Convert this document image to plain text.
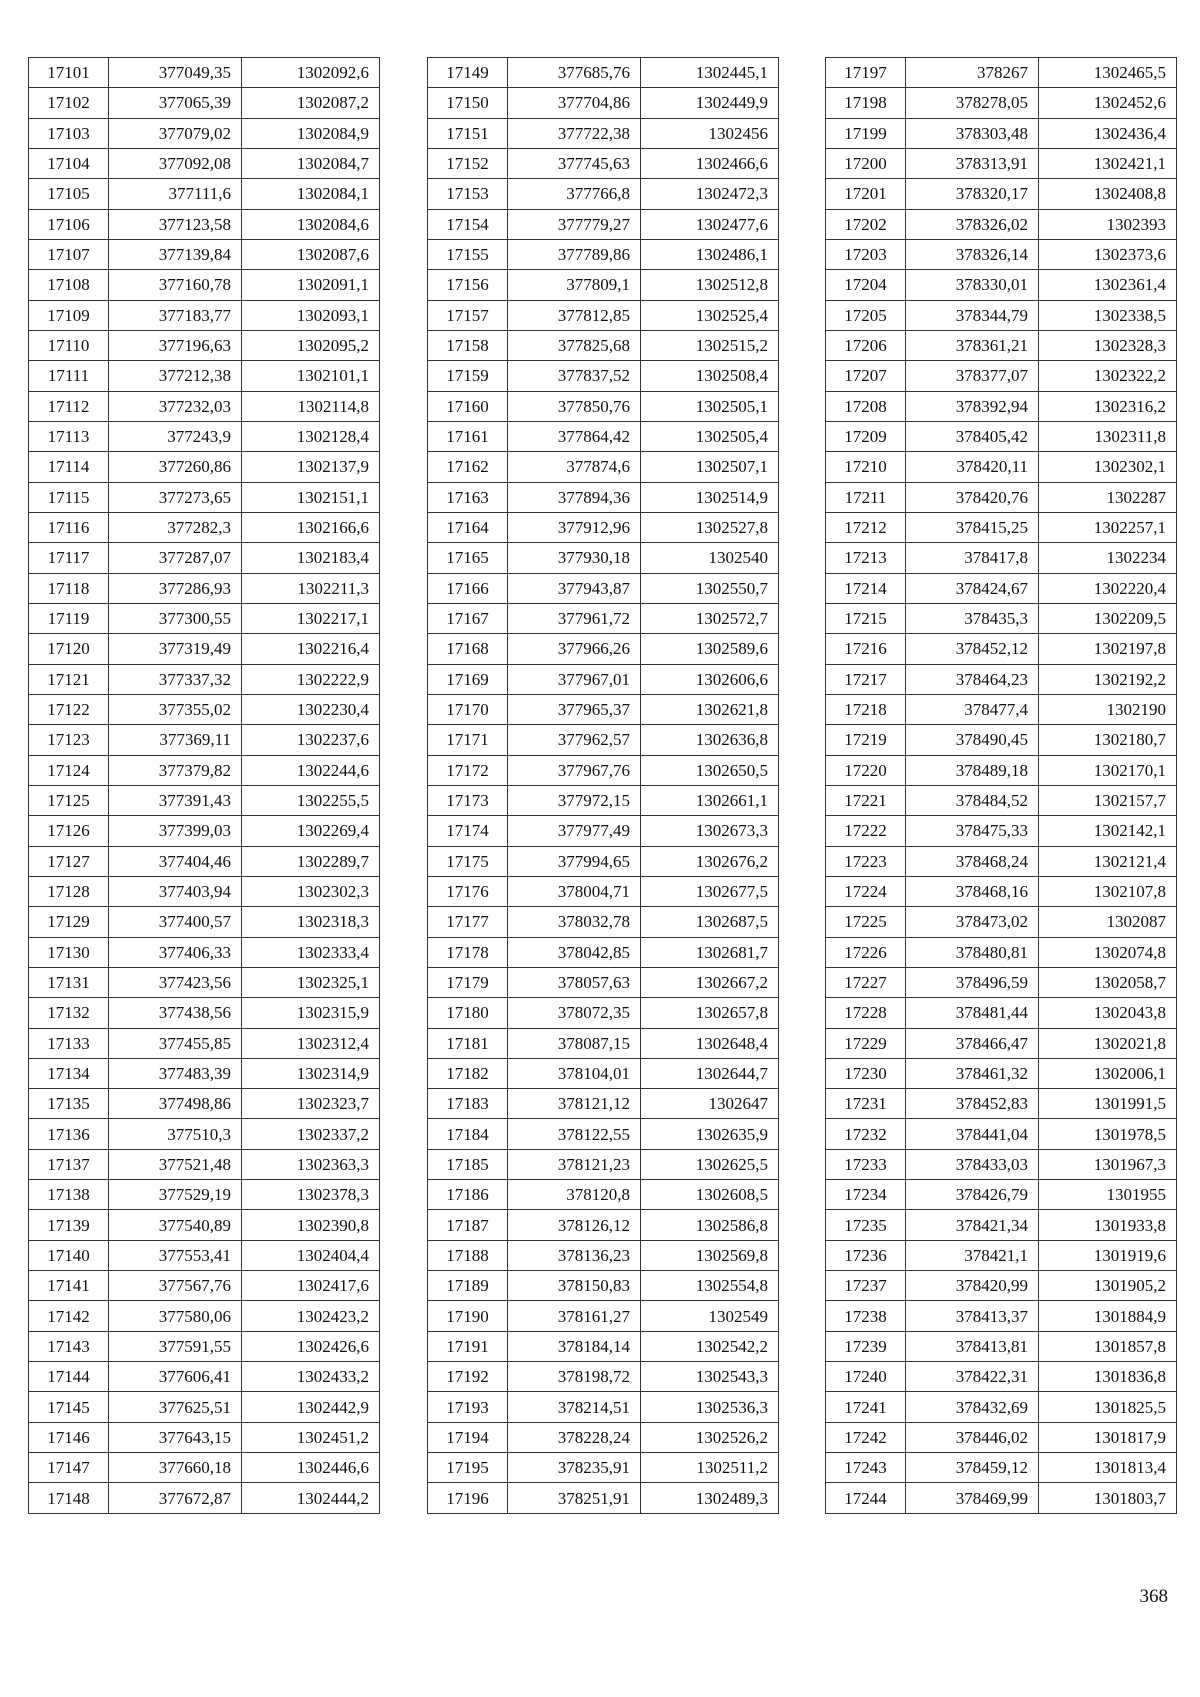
17101	377049,35	1302092,6
17102	377065,39	1302087,2
17103	377079,02	1302084,9
17104	377092,08	1302084,7
17105	377111,6	1302084,1
17106	377123,58	1302084,6
17107	377139,84	1302087,6
17108	377160,78	1302091,1
17109	377183,77	1302093,1
17110	377196,63	1302095,2
17111	377212,38	1302101,1
17112	377232,03	1302114,8
17113	377243,9	1302128,4
17114	377260,86	1302137,9
17115	377273,65	1302151,1
17116	377282,3	1302166,6
17117	377287,07	1302183,4
17118	377286,93	1302211,3
17119	377300,55	1302217,1
17120	377319,49	1302216,4
17121	377337,32	1302222,9
17122	377355,02	1302230,4
17123	377369,11	1302237,6
17124	377379,82	1302244,6
17125	377391,43	1302255,5
17126	377399,03	1302269,4
17127	377404,46	1302289,7
17128	377403,94	1302302,3
17129	377400,57	1302318,3
17130	377406,33	1302333,4
17131	377423,56	1302325,1
17132	377438,56	1302315,9
17133	377455,85	1302312,4
17134	377483,39	1302314,9
17135	377498,86	1302323,7
17136	377510,3	1302337,2
17137	377521,48	1302363,3
17138	377529,19	1302378,3
17139	377540,89	1302390,8
17140	377553,41	1302404,4
17141	377567,76	1302417,6
17142	377580,06	1302423,2
17143	377591,55	1302426,6
17144	377606,41	1302433,2
17145	377625,51	1302442,9
17146	377643,15	1302451,2
17147	377660,18	1302446,6
17148	377672,87	1302444,2
17149	377685,76	1302445,1
17150	377704,86	1302449,9
17151	377722,38	1302456
17152	377745,63	1302466,6
17153	377766,8	1302472,3
17154	377779,27	1302477,6
17155	377789,86	1302486,1
17156	377809,1	1302512,8
17157	377812,85	1302525,4
17158	377825,68	1302515,2
17159	377837,52	1302508,4
17160	377850,76	1302505,1
17161	377864,42	1302505,4
17162	377874,6	1302507,1
17163	377894,36	1302514,9
17164	377912,96	1302527,8
17165	377930,18	1302540
17166	377943,87	1302550,7
17167	377961,72	1302572,7
17168	377966,26	1302589,6
17169	377967,01	1302606,6
17170	377965,37	1302621,8
17171	377962,57	1302636,8
17172	377967,76	1302650,5
17173	377972,15	1302661,1
17174	377977,49	1302673,3
17175	377994,65	1302676,2
17176	378004,71	1302677,5
17177	378032,78	1302687,5
17178	378042,85	1302681,7
17179	378057,63	1302667,2
17180	378072,35	1302657,8
17181	378087,15	1302648,4
17182	378104,01	1302644,7
17183	378121,12	1302647
17184	378122,55	1302635,9
17185	378121,23	1302625,5
17186	378120,8	1302608,5
17187	378126,12	1302586,8
17188	378136,23	1302569,8
17189	378150,83	1302554,8
17190	378161,27	1302549
17191	378184,14	1302542,2
17192	378198,72	1302543,3
17193	378214,51	1302536,3
17194	378228,24	1302526,2
17195	378235,91	1302511,2
17196	378251,91	1302489,3
17197	378267	1302465,5
17198	378278,05	1302452,6
17199	378303,48	1302436,4
17200	378313,91	1302421,1
17201	378320,17	1302408,8
17202	378326,02	1302393
17203	378326,14	1302373,6
17204	378330,01	1302361,4
17205	378344,79	1302338,5
17206	378361,21	1302328,3
17207	378377,07	1302322,2
17208	378392,94	1302316,2
17209	378405,42	1302311,8
17210	378420,11	1302302,1
17211	378420,76	1302287
17212	378415,25	1302257,1
17213	378417,8	1302234
17214	378424,67	1302220,4
17215	378435,3	1302209,5
17216	378452,12	1302197,8
17217	378464,23	1302192,2
17218	378477,4	1302190
17219	378490,45	1302180,7
17220	378489,18	1302170,1
17221	378484,52	1302157,7
17222	378475,33	1302142,1
17223	378468,24	1302121,4
17224	378468,16	1302107,8
17225	378473,02	1302087
17226	378480,81	1302074,8
17227	378496,59	1302058,7
17228	378481,44	1302043,8
17229	378466,47	1302021,8
17230	378461,32	1302006,1
17231	378452,83	1301991,5
17232	378441,04	1301978,5
17233	378433,03	1301967,3
17234	378426,79	1301955
17235	378421,34	1301933,8
17236	378421,1	1301919,6
17237	378420,99	1301905,2
17238	378413,37	1301884,9
17239	378413,81	1301857,8
17240	378422,31	1301836,8
17241	378432,69	1301825,5
17242	378446,02	1301817,9
17243	378459,12	1301813,4
17244	378469,99	1301803,7
368
